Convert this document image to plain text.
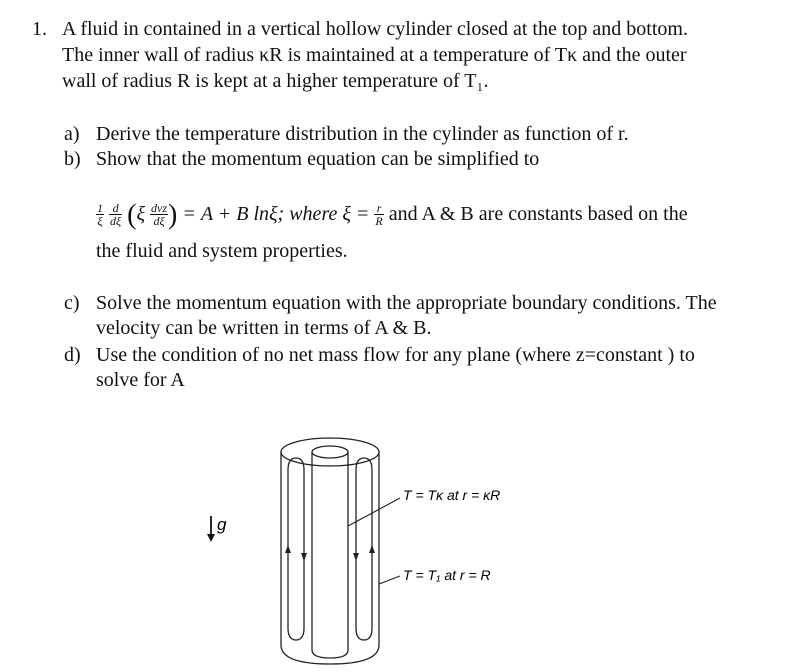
1. A fluid in contained in a vertical hollow cylinder closed at the top and bottom.
The inner wall of radius κR is maintained at a temperature of Tκ and the outer
wall of radius R is kept at a higher temperature of T₁.
a) Derive the temperature distribution in the cylinder as function of r.
b) Show that the momentum equation can be simplified to
$\frac{1}{\xi}$
$\frac{d}{d\xi} (\xi \frac{\text{dvz}}{d\xi}$ ) = A + B lnξ; where $\xi = \frac{r}{R}$ and A & B are constants based on the
the fluid and system properties.
c) Solve the momentum equation with the appropriate boundary conditions. The
velocity can be written in terms of A & B.
d) Use the condition of no net mass flow for any plane (where z=constant ) to
solve for A
g
T = Tκ at r = κR
T = T₁ at r = R
